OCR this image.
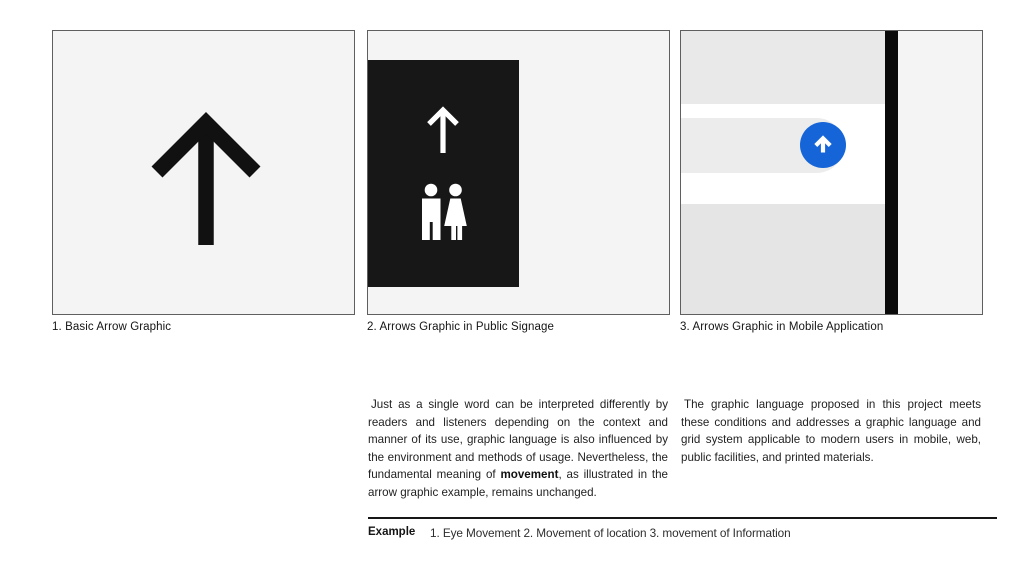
1. Basic Arrow Graphic	2. Arrows Graphic in Public Signage	3. Arrows Graphic in Mobile Application
Just as a single word can be interpreted differently by readers and listeners depending on the context and manner of its use, graphic language is also influenced by the environment and methods of usage. Nevertheless, the fundamental meaning of movement, as illustrated in the arrow graphic example, remains unchanged.
The graphic language proposed in this project meets these conditions and addresses a graphic language and grid system applicable to modern users in mobile, web, public facilities, and printed materials.
Example 1. Eye Movement 2. Movement of location 3. movement of Information
